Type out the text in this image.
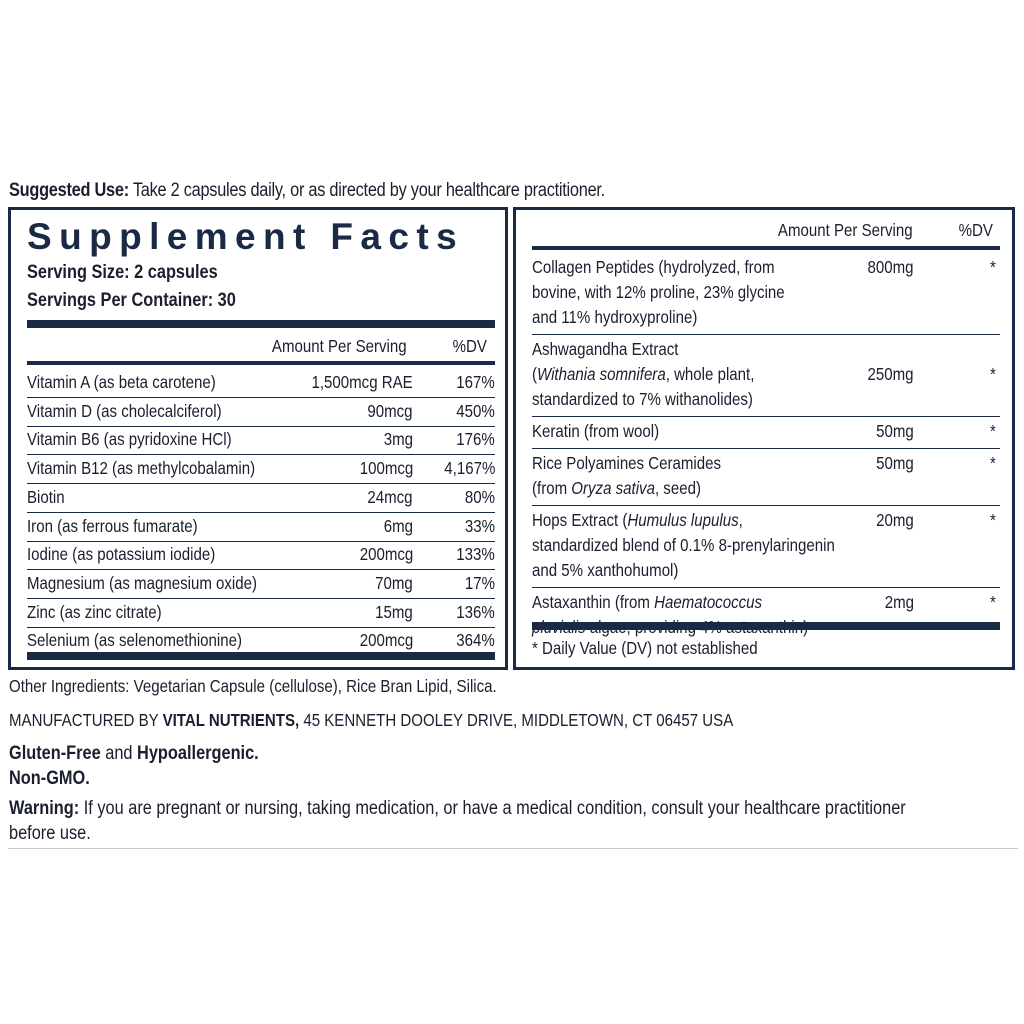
Suggested Use: Take 2 capsules daily, or as directed by your healthcare practitioner.
Supplement Facts
Serving Size: 2 capsules
Servings Per Container: 30
Amount Per Serving	%DV
Vitamin A (as beta carotene)	1,500mcg RAE 167%
Vitamin D (as cholecalciferol)	90mcg 450%
Vitamin B6 (as pyridoxine HCl)	3mg 176%
Vitamin B12 (as methylcobalamin)	100mcg 4,167%
Biotin	24mcg	80%
Iron (as ferrous fumarate)	6mg	33%
Iodine (as potassium iodide)	200mcg 133%
Magnesium (as magnesium oxide)	70mg	17%
Zinc (as zinc citrate)	15mg 136%
Selenium (as selenomethionine)	200mcg 364%
Amount Per Serving	%DV
Collagen Peptides (hydrolyzed, from
bovine, with 12% proline, 23% glycine
and 11% hydroxyproline)
800mg	*
Ashwagandha Extract
(Withania somnifera, whole plant,
standardized to 7% withanolides)
250mg	*
Keratin (from wool)	50mg	*
Rice Polyamines Ceramides
(from Oryza sativa, seed)
50mg	*
Hops Extract (Humulus lupulus,
standardized blend of 0.1% 8-prenylaringenin
and 5% xanthohumol)
20mg	*
Astaxanthin (from Haematococcus	2mg	*
* Daily Value (DV) not established
Other Ingredients: Vegetarian Capsule (cellulose), Rice Bran Lipid, Silica.
MANUFACTURED BY VITAL NUTRIENTS, 45 KENNETH DOOLEY DRIVE, MIDDLETOWN, CT 06457 USA
Gluten-Free and Hypoallergenic.
Non-GMO.
Warning: If you are pregnant or nursing, taking medication, or have a medical condition, consult your healthcare practitioner
before use.
